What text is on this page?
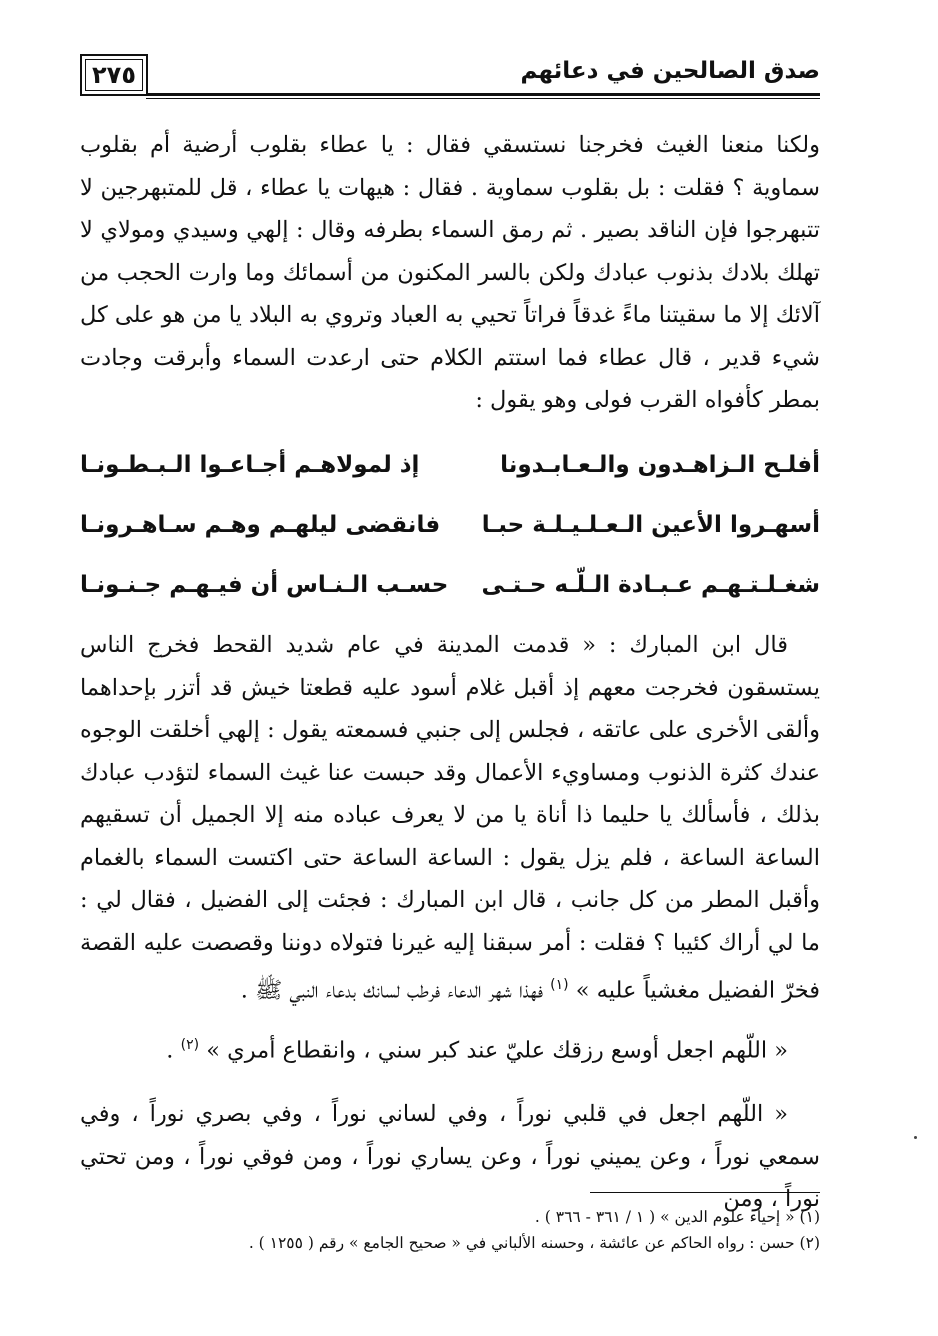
٢٧٥	صدق الصالحين في دعائهم

ولكنا منعنا الغيث فخرجنا نستسقي فقال : يا عطاء بقلوب أرضية أم بقلوب سماوية ؟ فقلت : بل بقلوب سماوية . فقال : هيهات يا عطاء ، قل للمتبهرجين لا تتبهرجوا فإن الناقد بصير . ثم رمق السماء بطرفه وقال : إلهي وسيدي ومولاي لا تهلك بلادك بذنوب عبادك ولكن بالسر المكنون من أسمائك وما وارت الحجب من آلائك إلا ما سقيتنا ماءً غدقاً فراتاً تحيي به العباد وتروي به البلاد يا من هو على كل شيء قدير ، قال عطاء فما استتم الكلام حتى ارعدت السماء وأبرقت وجادت بمطر كأفواه القرب فولى وهو يقول :

أفلـح الـزاهـدون والـعـابـدونا
إذ لمولاهـم أجـاعـوا الـبـطـونـا
أسهـروا الأعين الـعـلـيـلـة حبـا
فانقضى ليلهـم وهـم سـاهـرونـا
شغـلـتـهـم عـبـادة الـلّـه حـتـى
حسـب الـنـاس أن فيـهـم جـنـونـا

قال ابن المبارك : « قدمت المدينة في عام شديد القحط فخرج الناس يستسقون فخرجت معهم إذ أقبل غلام أسود عليه قطعتا خيش قد أتزر بإحداهما وألقى الأخرى على عاتقه ، فجلس إلى جنبي فسمعته يقول : إلهي أخلقت الوجوه عندك كثرة الذنوب ومساويء الأعمال وقد حبست عنا غيث السماء لتؤدب عبادك بذلك ، فأسألك يا حليما ذا أناة يا من لا يعرف عباده منه إلا الجميل أن تسقيهم الساعة الساعة ، فلم يزل يقول : الساعة الساعة حتى اكتست السماء بالغمام وأقبل المطر من كل جانب ، قال ابن المبارك : فجئت إلى الفضيل ، فقال لي : ما لي أراك كئيبا ؟ فقلت : أمر سبقنا إليه غيرنا فتولاه دوننا وقصصت عليه القصة فخرّ الفضيل مغشياً عليه » $^{(١)}$ فهذا شهر الدعاء فرطب لسانك بدعاء النبي ﷺ .

« اللّهم اجعل أوسع رزقك عليّ عند كبر سني ، وانقطاع أمري » $^{(٢)}$ .

« اللّهم اجعل في قلبي نوراً ، وفي لساني نوراً ، وفي بصري نوراً ، وفي سمعي نوراً ، وعن يميني نوراً ، وعن يساري نوراً ، ومن فوقي نوراً ، ومن تحتي نوراً ، ومن

(١) « إحياء علوم الدين » ( ١ / ٣٦١ - ٣٦٦ ) .
(٢) حسن : رواه الحاكم عن عائشة ، وحسنه الألباني في « صحيح الجامع » رقم ( ١٢٥٥ ) .
